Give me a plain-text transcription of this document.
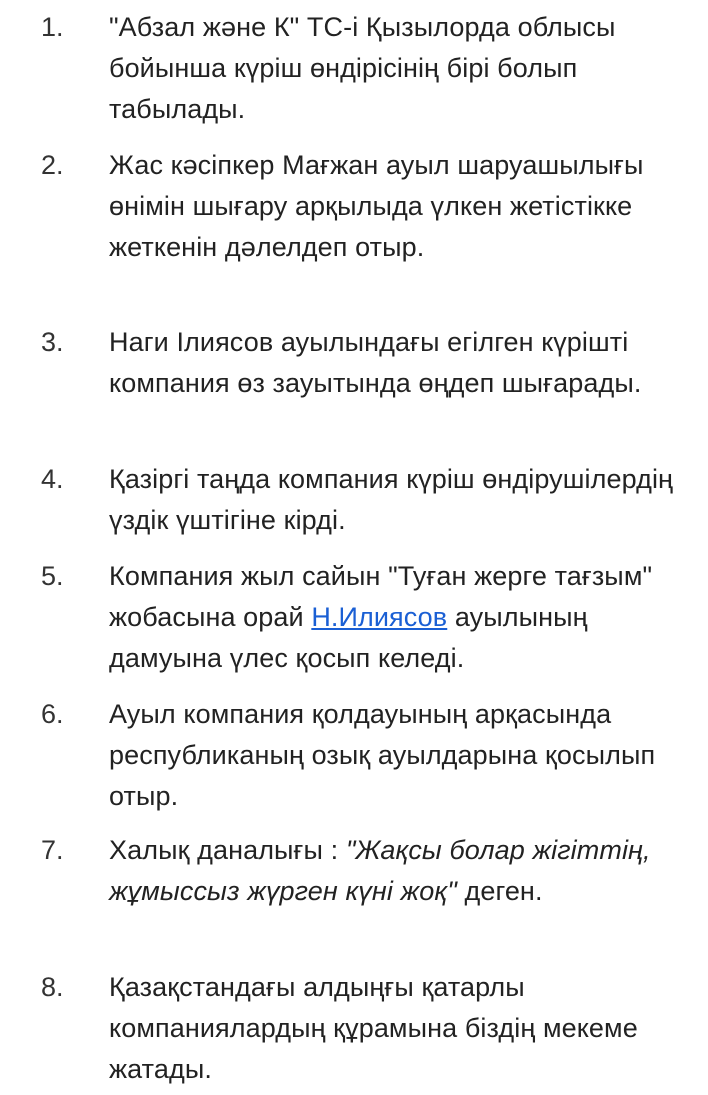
1. "Абзал және К" ТС-і Қызылорда облысы бойынша күріш өндірісінің бірі болып табылады.
2. Жас кәсіпкер Мағжан ауыл шаруашылығы өнімін шығару арқылыда үлкен жетістікке жеткенін дәлелдеп отыр.
3. Наги Ілиясов ауылындағы егілген күрішті компания өз зауытында өңдеп шығарады.
4. Қазіргі таңда компания күріш өндірушілердің үздік үштігіне кірді.
5. Компания жыл сайын "Туған жерге тағзым" жобасына орай Н.Илиясов ауылының дамуына үлес қосып келеді.
6. Ауыл компания қолдауының арқасында республиканың озық ауылдарына қосылып отыр.
7. Халық даналығы : "Жақсы болар жігіттің, жұмыссыз жүрген күні жоқ" деген.
8. Қазақстандағы алдыңғы қатарлы компаниялардың құрамына біздің мекеме жатады.
